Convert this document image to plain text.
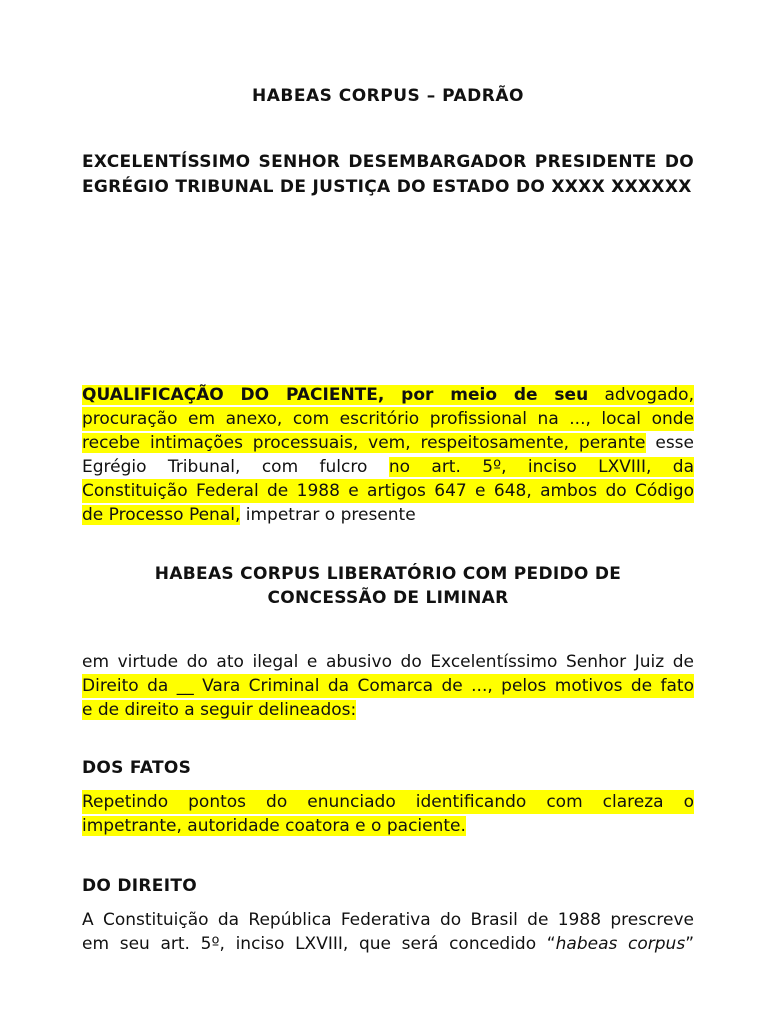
HABEAS CORPUS – PADRÃO
EXCELENTÍSSIMO SENHOR DESEMBARGADOR PRESIDENTE DO EGRÉGIO TRIBUNAL DE JUSTIÇA DO ESTADO DO XXXX XXXXXX
QUALIFICAÇÃO DO PACIENTE, por meio de seu advogado,
procuração em anexo, com escritório profissional na ..., local onde
recebe intimações processuais, vem, respeitosamente, perante esse
Egrégio Tribunal, com fulcro no art. 5º, inciso LXVIII, da
Constituição Federal de 1988 e artigos 647 e 648, ambos do Código
de Processo Penal, impetrar o presente
HABEAS CORPUS LIBERATÓRIO COM PEDIDO DE
CONCESSÃO DE LIMINAR
em virtude do ato ilegal e abusivo do Excelentíssimo Senhor Juiz de
Direito da __ Vara Criminal da Comarca de ..., pelos motivos de fato
e de direito a seguir delineados:
DOS FATOS
Repetindo pontos do enunciado identificando com clareza o
impetrante, autoridade coatora e o paciente.
DO DIREITO
A Constituição da República Federativa do Brasil de 1988 prescreve
em seu art. 5º, inciso LXVIII, que será concedido “habeas corpus”
